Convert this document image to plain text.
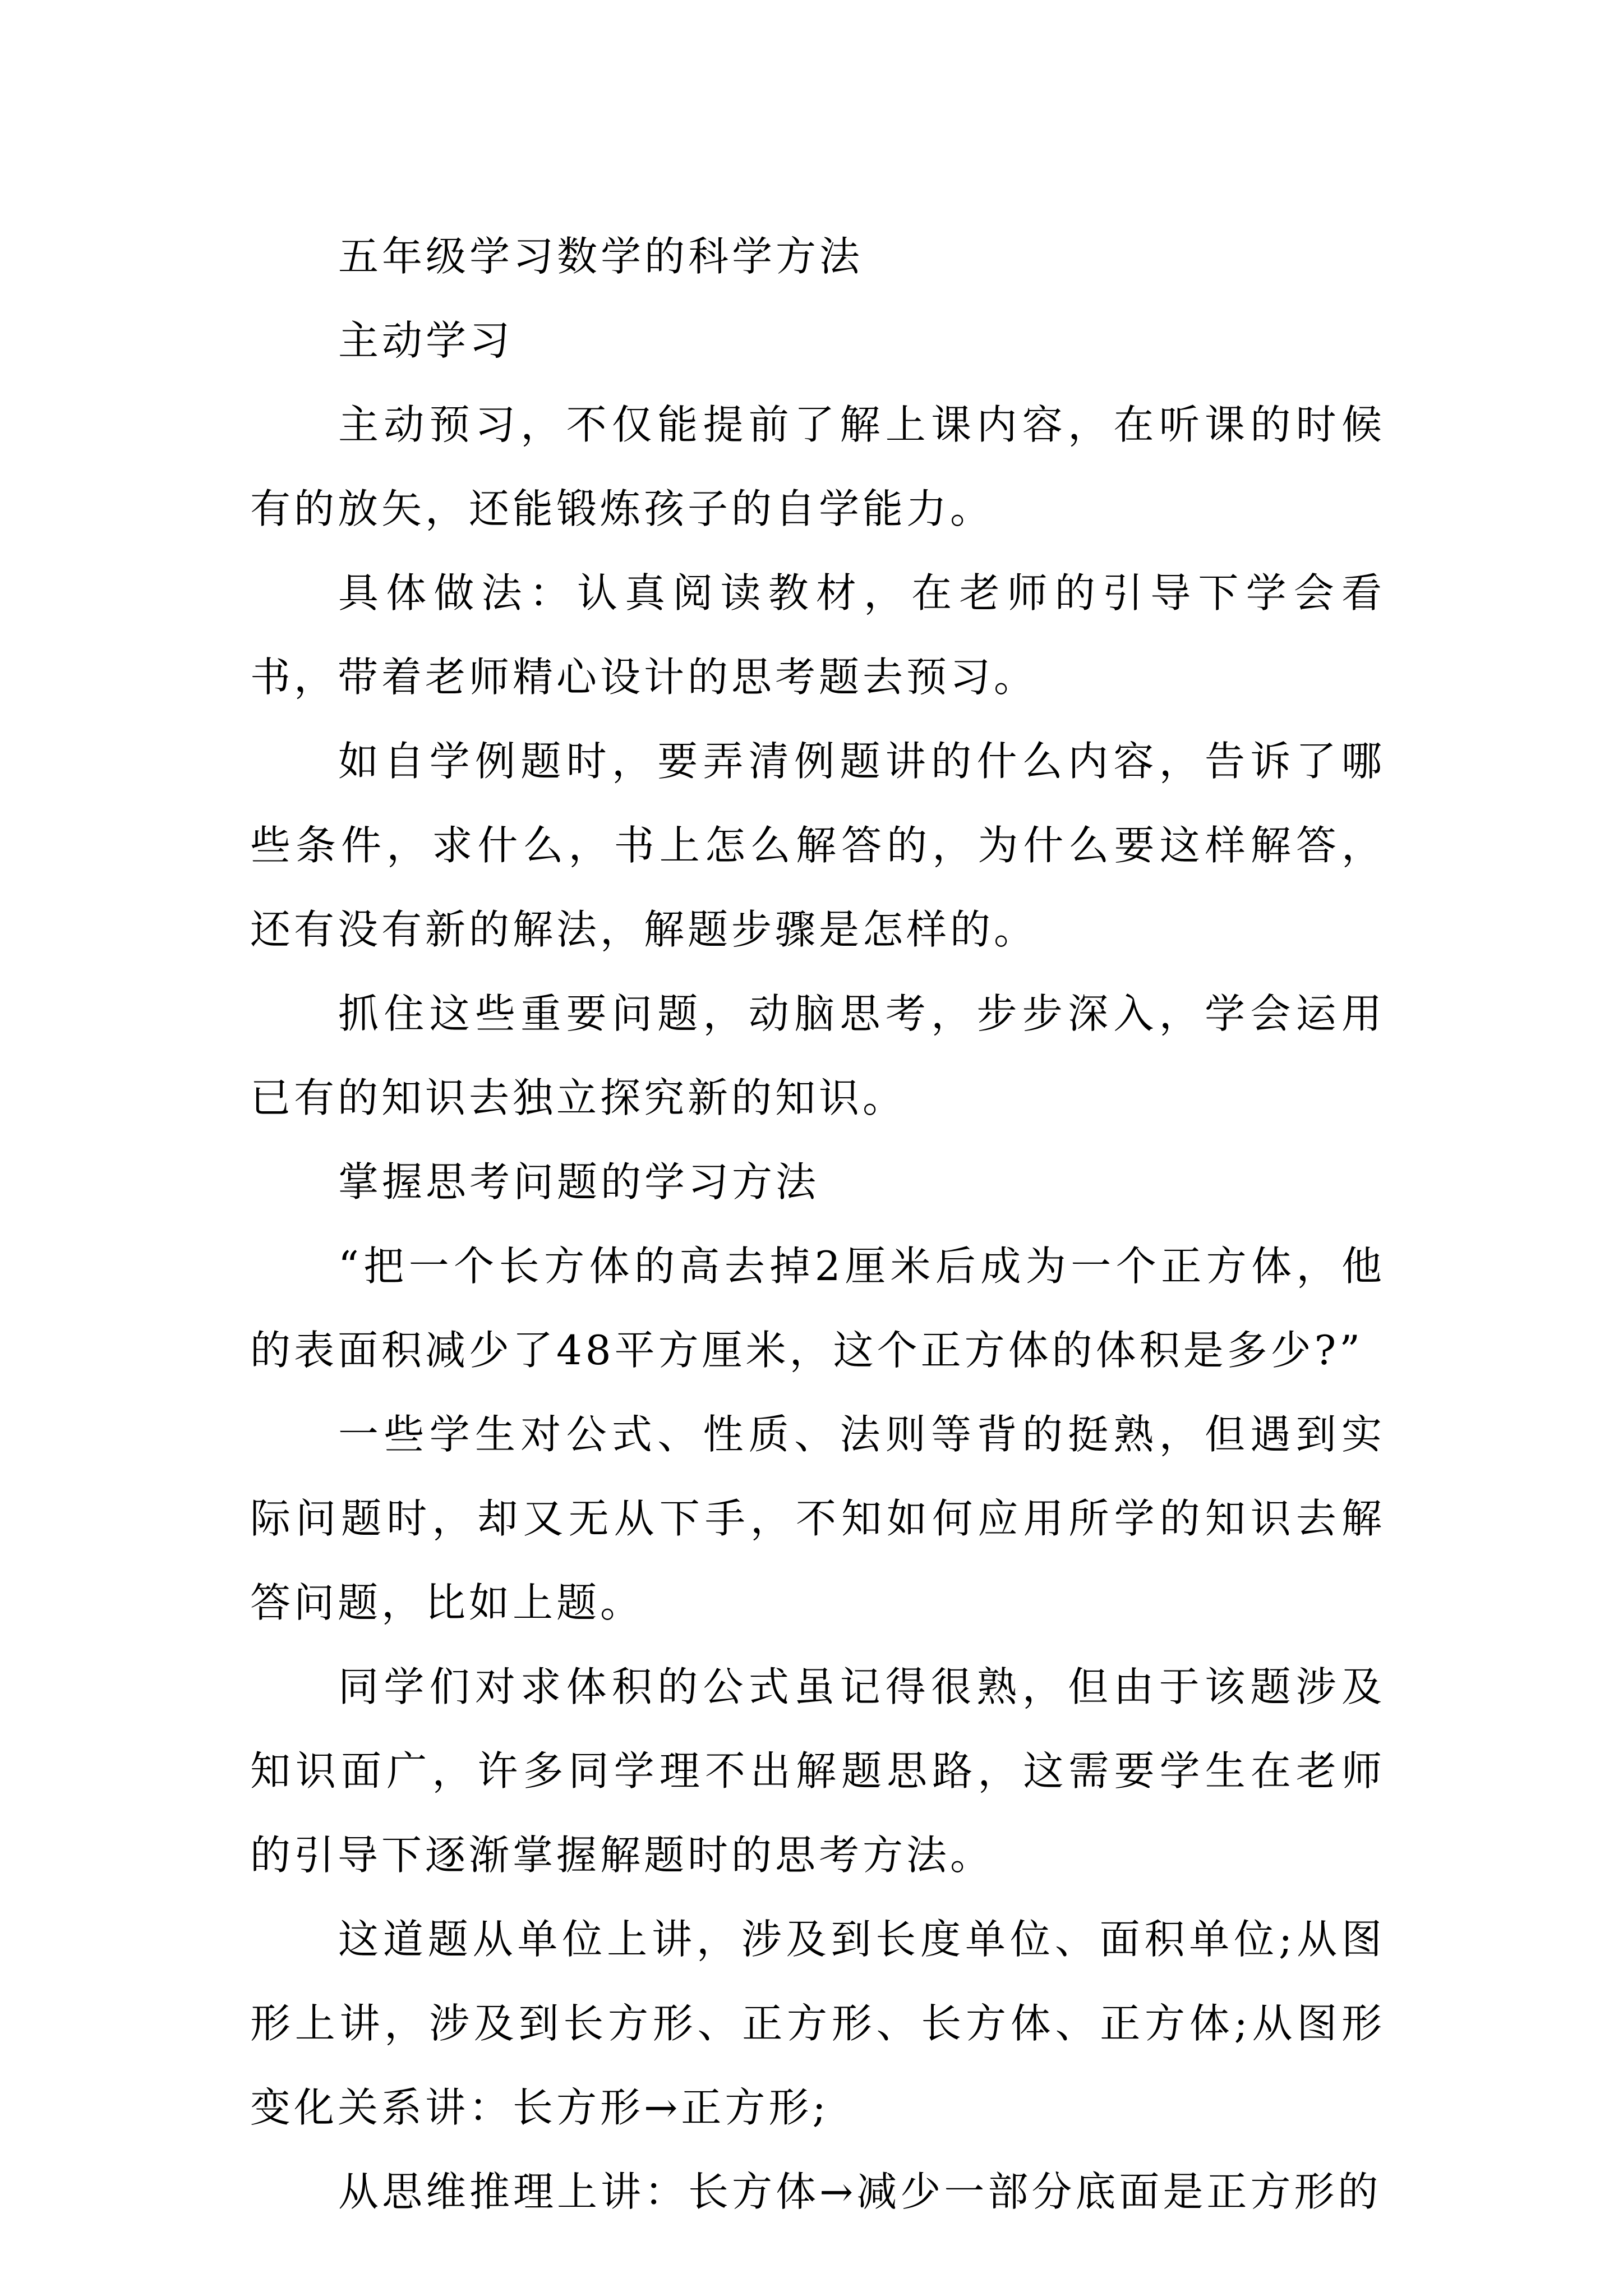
五年级学习数学的科学方法

主动学习

主动预习，不仅能提前了解上课内容，在听课的时候有的放矢，还能锻炼孩子的自学能力。

具体做法：认真阅读教材，在老师的引导下学会看书，带着老师精心设计的思考题去预习。

如自学例题时，要弄清例题讲的什么内容，告诉了哪些条件，求什么，书上怎么解答的，为什么要这样解答，还有没有新的解法，解题步骤是怎样的。

抓住这些重要问题，动脑思考，步步深入，学会运用已有的知识去独立探究新的知识。

掌握思考问题的学习方法

“把一个长方体的高去掉2厘米后成为一个正方体，他的表面积减少了48平方厘米，这个正方体的体积是多少?”

一些学生对公式、性质、法则等背的挺熟，但遇到实际问题时，却又无从下手，不知如何应用所学的知识去解答问题，比如上题。

同学们对求体积的公式虽记得很熟，但由于该题涉及知识面广，许多同学理不出解题思路，这需要学生在老师的引导下逐渐掌握解题时的思考方法。

这道题从单位上讲，涉及到长度单位、面积单位;从图形上讲，涉及到长方形、正方形、长方体、正方体;从图形变化关系讲：长方形→正方形;

从思维推理上讲：长方体→减少一部分底面是正方形的
